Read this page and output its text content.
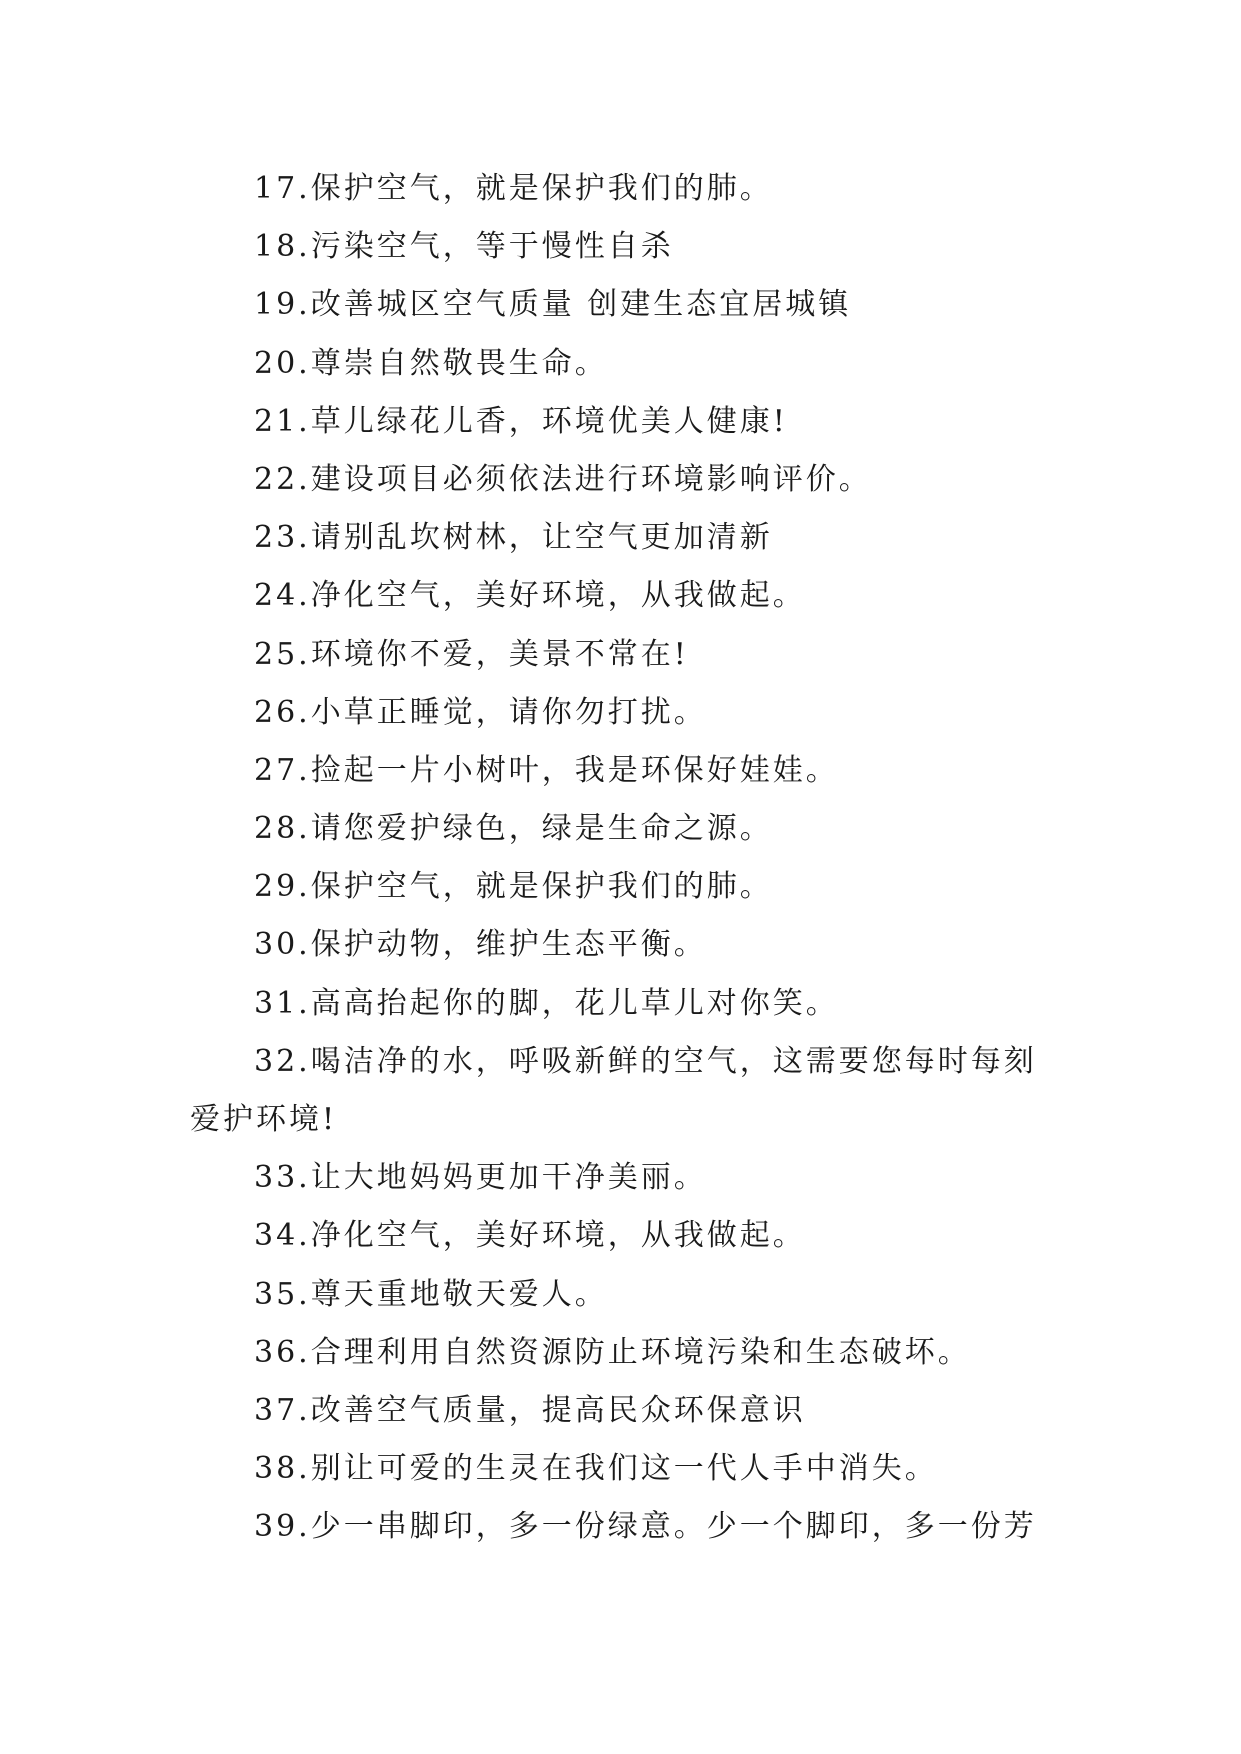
17.保护空气，就是保护我们的肺。
18.污染空气，等于慢性自杀
19.改善城区空气质量 创建生态宜居城镇
20.尊崇自然敬畏生命。
21.草儿绿花儿香，环境优美人健康!
22.建设项目必须依法进行环境影响评价。
23.请别乱坎树林，让空气更加清新
24.净化空气，美好环境，从我做起。
25.环境你不爱，美景不常在!
26.小草正睡觉，请你勿打扰。
27.捡起一片小树叶，我是环保好娃娃。
28.请您爱护绿色，绿是生命之源。
29.保护空气，就是保护我们的肺。
30.保护动物，维护生态平衡。
31.高高抬起你的脚，花儿草儿对你笑。
32.喝洁净的水，呼吸新鲜的空气，这需要您每时每刻
爱护环境!
33.让大地妈妈更加干净美丽。
34.净化空气，美好环境，从我做起。
35.尊天重地敬天爱人。
36.合理利用自然资源防止环境污染和生态破坏。
37.改善空气质量，提高民众环保意识
38.别让可爱的生灵在我们这一代人手中消失。
39.少一串脚印，多一份绿意。少一个脚印，多一份芳
